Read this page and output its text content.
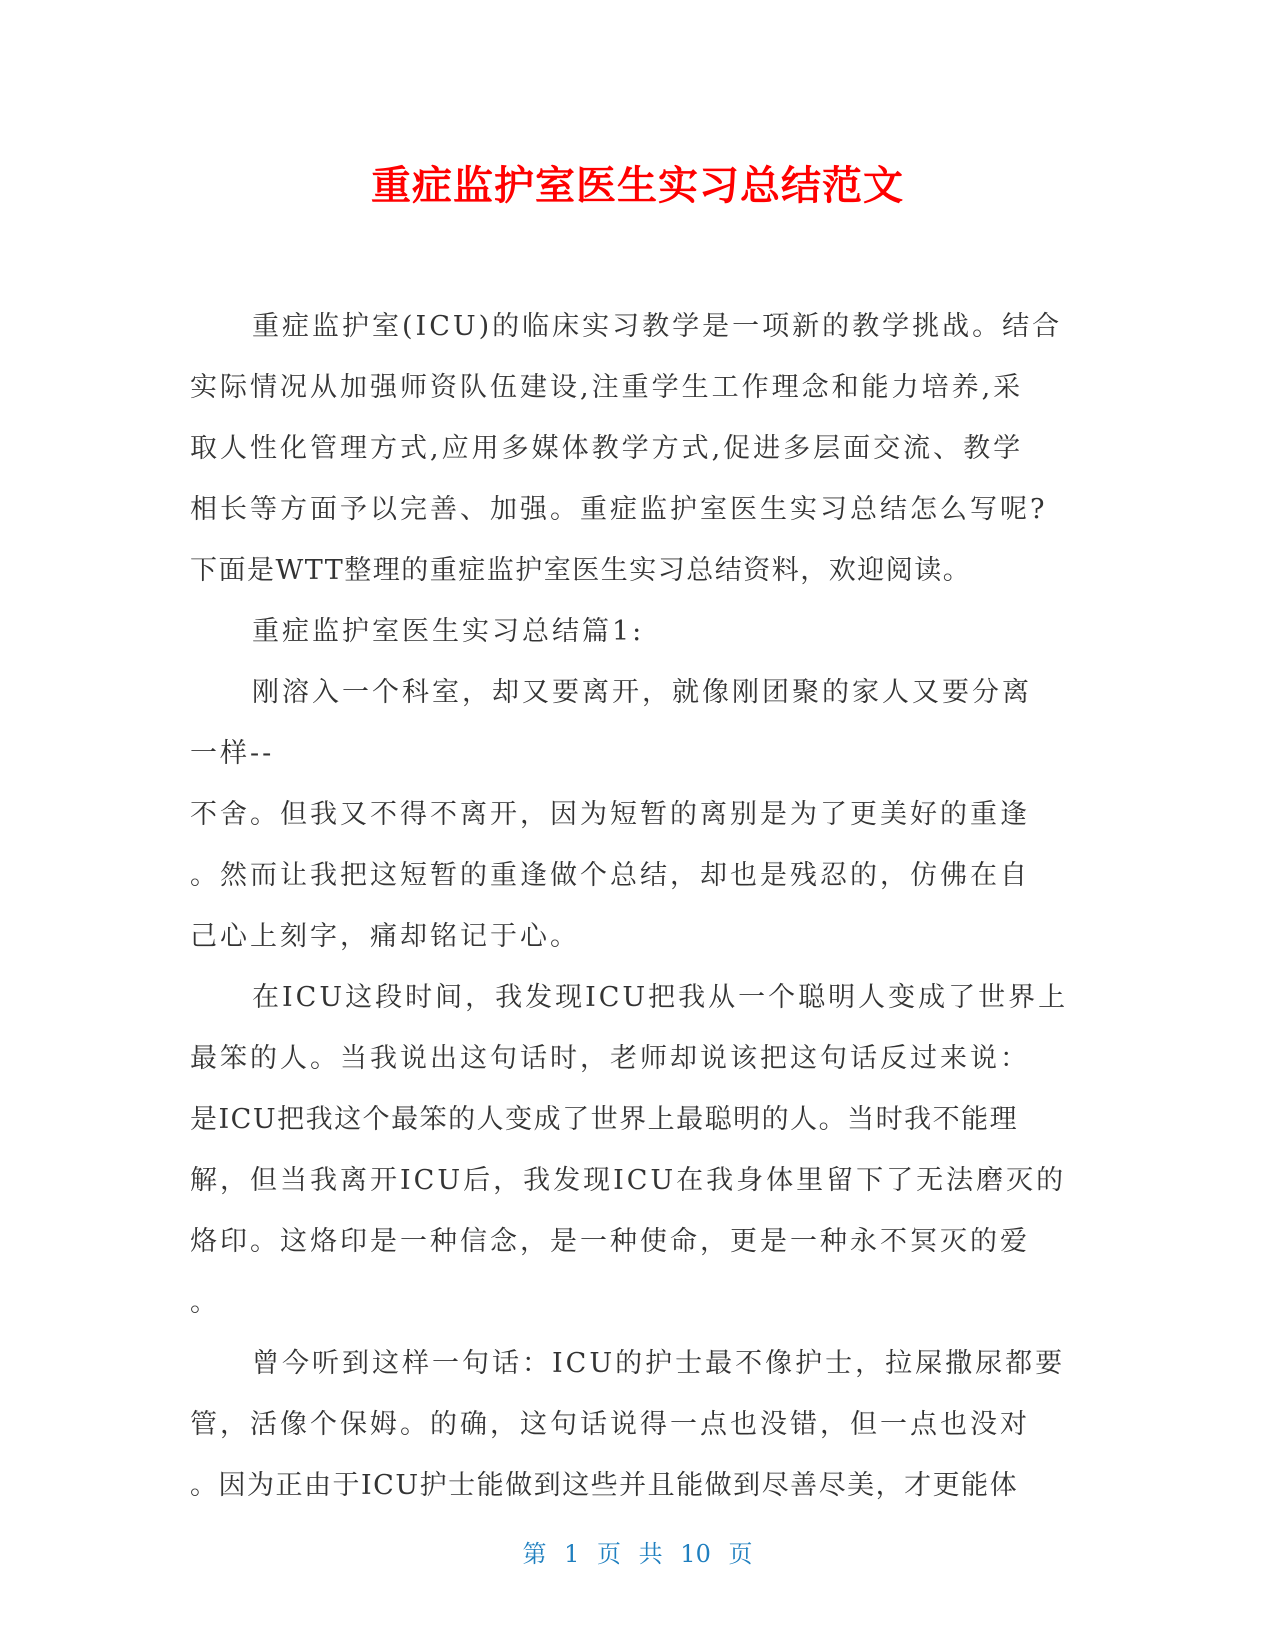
重症监护室医生实习总结范文
重症监护室(ICU)的临床实习教学是一项新的教学挑战。结合
实际情况从加强师资队伍建设,注重学生工作理念和能力培养,采
取人性化管理方式,应用多媒体教学方式,促进多层面交流、教学
相长等方面予以完善、加强。重症监护室医生实习总结怎么写呢?
下面是WTT整理的重症监护室医生实习总结资料，欢迎阅读。
重症监护室医生实习总结篇1:
刚溶入一个科室，却又要离开，就像刚团聚的家人又要分离
一样--
不舍。但我又不得不离开，因为短暂的离别是为了更美好的重逢
。然而让我把这短暂的重逢做个总结，却也是残忍的，仿佛在自
己心上刻字，痛却铭记于心。
在ICU这段时间，我发现ICU把我从一个聪明人变成了世界上
最笨的人。当我说出这句话时，老师却说该把这句话反过来说：
是ICU把我这个最笨的人变成了世界上最聪明的人。当时我不能理
解，但当我离开ICU后，我发现ICU在我身体里留下了无法磨灭的
烙印。这烙印是一种信念，是一种使命，更是一种永不冥灭的爱
。
曾今听到这样一句话：ICU的护士最不像护士，拉屎撒尿都要
管，活像个保姆。的确，这句话说得一点也没错，但一点也没对
。因为正由于ICU护士能做到这些并且能做到尽善尽美，才更能体
第 1 页 共 10 页
